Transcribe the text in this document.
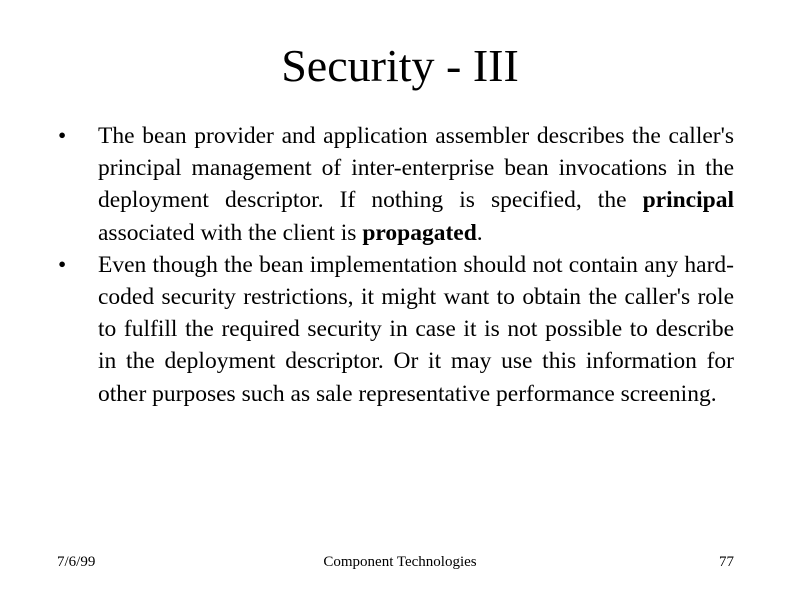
Security - III
•	The bean provider and application assembler describes the caller's principal management of inter-enterprise bean invocations in the deployment descriptor. If nothing is specified, the principal associated with the client is propagated.
•	Even though the bean implementation should not contain any hard-coded security restrictions, it might want to obtain the caller's role to fulfill the required security in case it is not possible to describe in the deployment descriptor. Or it may use this information for other purposes such as sale representative performance screening.
7/6/99	Component Technologies	77
